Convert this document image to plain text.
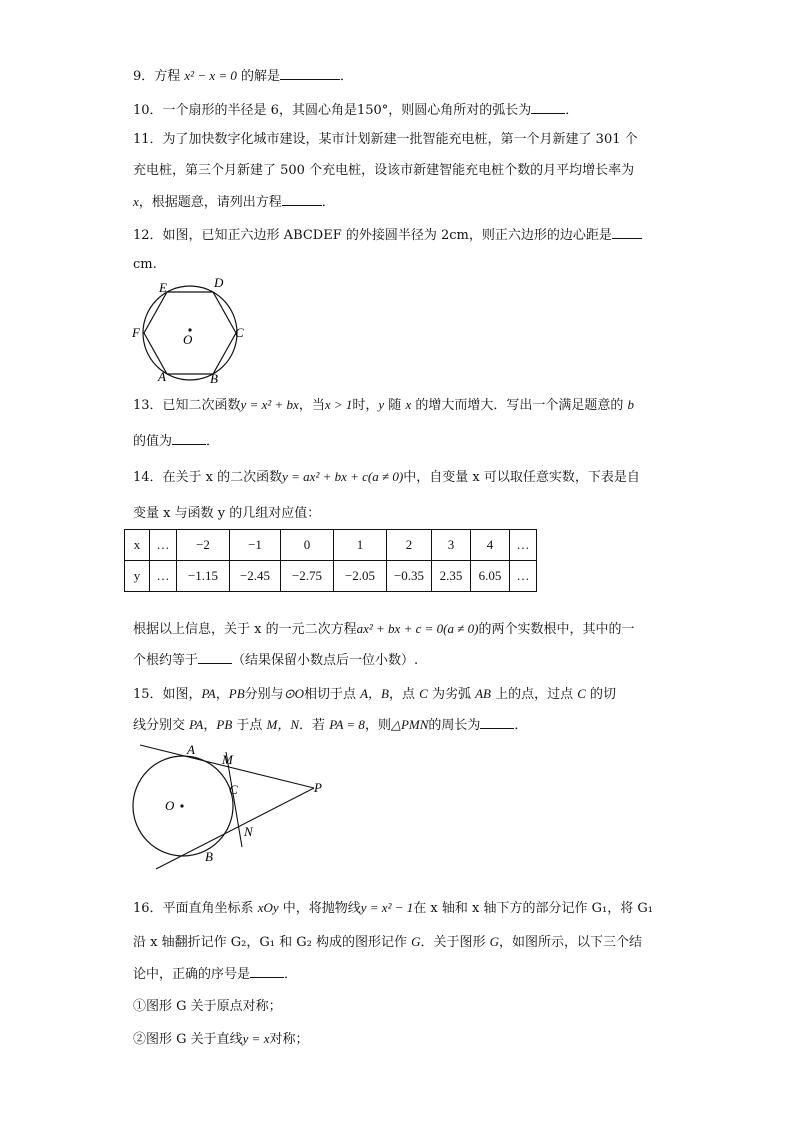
9．方程 x² − x = 0 的解是	．
10．一个扇形的半径是 6，其圆心角是150°，则圆心角所对的弧长为	．
11．为了加快数字化城市建设，某市计划新建一批智能充电桩，第一个月新建了 301 个
充电桩，第三个月新建了 500 个充电桩，设该市新建智能充电桩个数的月平均增长率为
x，根据题意，请列出方程	．
12．如图，已知正六边形 ABCDEF 的外接圆半径为 2cm，则正六边形的边心距是
cm.
E	D
F	C
O
A	B
13．已知二次函数y = x² + bx，当x > 1时，y 随 x 的增大而增大．写出一个满足题意的 b
的值为	．
14．在关于 x 的二次函数y = ax² + bx + c(a ≠ 0)中，自变量 x 可以取任意实数，下表是自
变量 x 与函数 y 的几组对应值：
x	…	−2	−1	0	1	2	3	4	…
y	…	−1.15	−2.45	−2.75	−2.05	−0.35	2.35	6.05	…
根据以上信息，关于 x 的一元二次方程ax² + bx + c = 0(a ≠ 0)的两个实数根中，其中的一
个根约等于	（结果保留小数点后一位小数）.
15．如图，PA，PB分别与⊙O相切于点 A，B，点 C 为劣弧 AB 上的点，过点 C 的切
线分别交 PA，PB 于点 M，N．若 PA = 8，则△PMN的周长为	．
A
M
C	P
O
N
B
16．平面直角坐标系 xOy 中，将抛物线y = x² − 1在 x 轴和 x 轴下方的部分记作 G₁，将 G₁
沿 x 轴翻折记作 G₂，G₁ 和 G₂ 构成的图形记作 G．关于图形 G，如图所示，以下三个结
论中，正确的序号是	．
①图形 G 关于原点对称；
②图形 G 关于直线y = x对称；
